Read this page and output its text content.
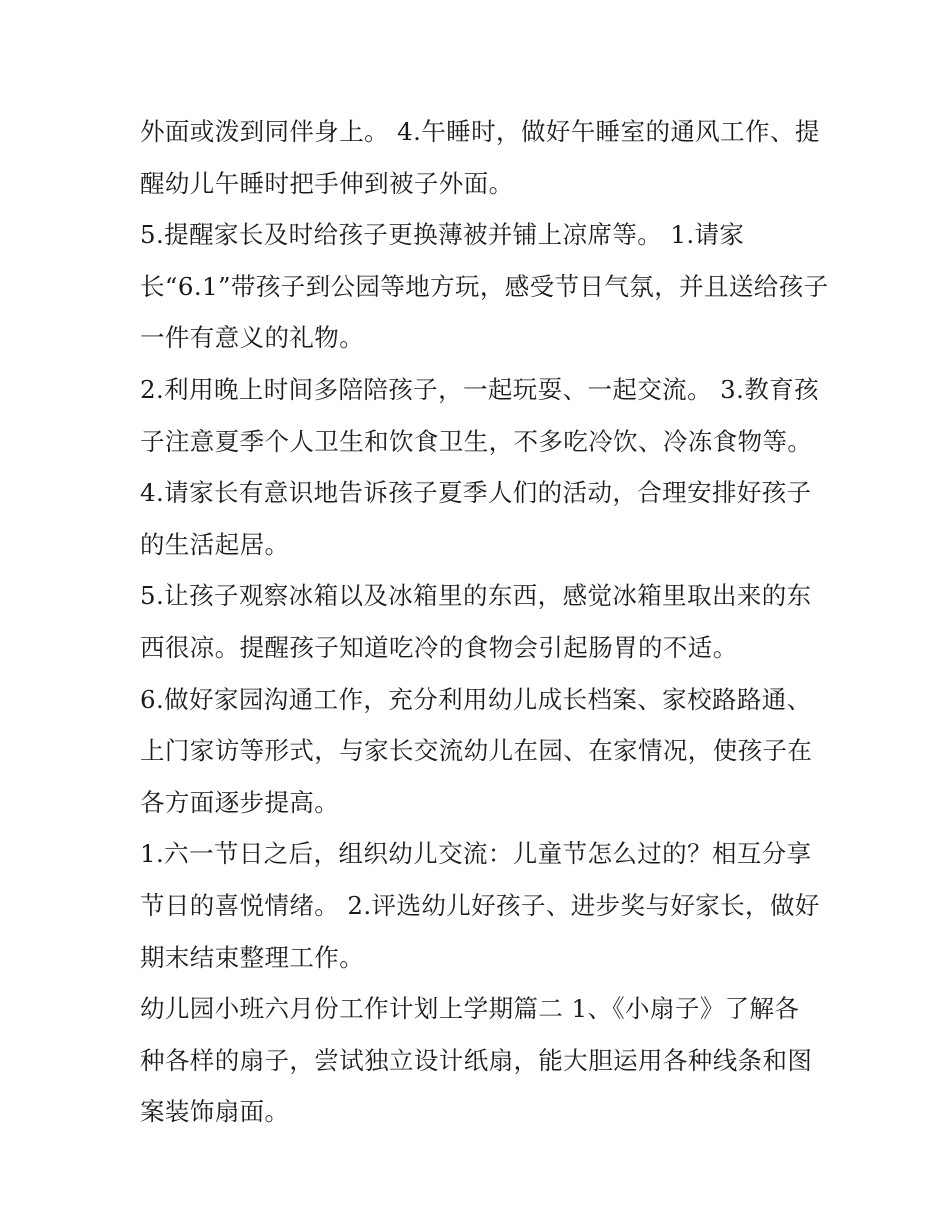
外面或泼到同伴身上。 4.午睡时，做好午睡室的通风工作、提
醒幼儿午睡时把手伸到被子外面。
5.提醒家长及时给孩子更换薄被并铺上凉席等。 1.请家
长“6.1”带孩子到公园等地方玩，感受节日气氛，并且送给孩子
一件有意义的礼物。
2.利用晚上时间多陪陪孩子，一起玩耍、一起交流。 3.教育孩
子注意夏季个人卫生和饮食卫生，不多吃冷饮、冷冻食物等。
4.请家长有意识地告诉孩子夏季人们的活动，合理安排好孩子
的生活起居。
5.让孩子观察冰箱以及冰箱里的东西，感觉冰箱里取出来的东
西很凉。提醒孩子知道吃冷的食物会引起肠胃的不适。
6.做好家园沟通工作，充分利用幼儿成长档案、家校路路通、
上门家访等形式，与家长交流幼儿在园、在家情况，使孩子在
各方面逐步提高。
1.六一节日之后，组织幼儿交流：儿童节怎么过的？相互分享
节日的喜悦情绪。 2.评选幼儿好孩子、进步奖与好家长，做好
期末结束整理工作。
幼儿园小班六月份工作计划上学期篇二 1、《小扇子》了解各
种各样的扇子，尝试独立设计纸扇，能大胆运用各种线条和图
案装饰扇面。
